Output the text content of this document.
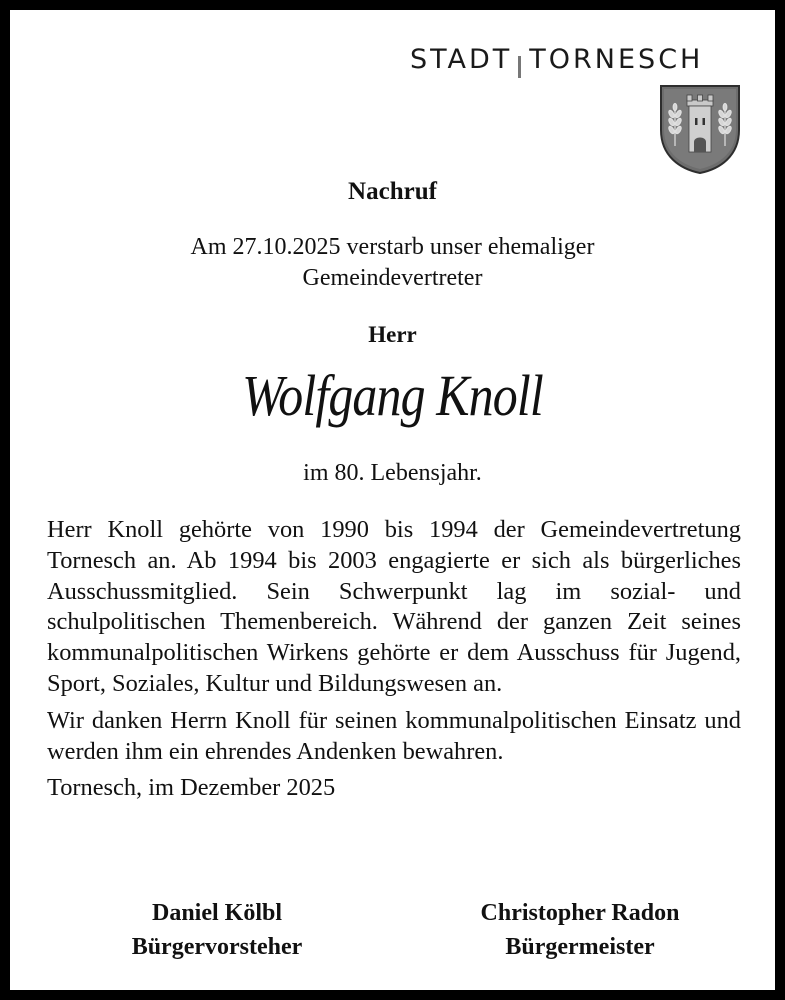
STADT TORNESCH
Nachruf
Am 27.10.2025 verstarb unser ehemaliger
Gemeindevertreter
Herr
Wolfgang Knoll
im 80. Lebensjahr.

Herr Knoll gehörte von 1990 bis 1994 der Gemeindevertretung Tornesch an. Ab 1994 bis 2003 engagierte er sich als bürgerliches Ausschussmitglied. Sein Schwerpunkt lag im sozial- und schulpolitischen Themenbereich. Während der ganzen Zeit seines kommunalpolitischen Wirkens gehörte er dem Ausschuss für Jugend, Sport, Soziales, Kultur und Bildungswesen an.

Wir danken Herrn Knoll für seinen kommunalpolitischen Einsatz und werden ihm ein ehrendes Andenken bewahren.

Tornesch, im Dezember 2025
Daniel Kölbl
Bürgervorsteher
Christopher Radon
Bürgermeister
